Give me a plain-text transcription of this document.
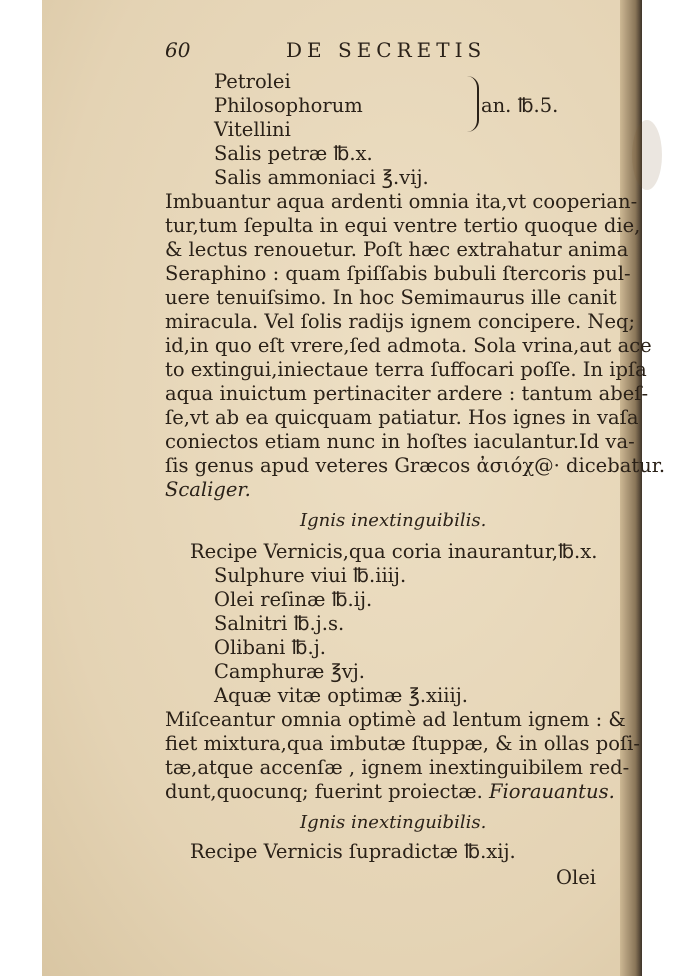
60	DE SECRETIS
Petrolei
Philosophorum
Vitellini
an. ℔.5.
Salis petræ ℔.x.
Salis ammoniaci ℥.vij.
Imbuantur aqua ardenti omnia ita,vt cooperian-
tur,tum ſepulta in equi ventre tertio quoque die,
& lectus renouetur. Poſt hæc extrahatur anima
Seraphino : quam ſpiſſabis bubuli ſtercoris pul-
uere tenuiſsimo. In hoc Semimaurus ille canit
miracula. Vel ſolis radijs ignem concipere. Neq;
id,in quo eſt vrere,ſed admota. Sola vrina,aut ace
to extingui,iniectaue terra ſuffocari poſſe. In ipſa
aqua inuictum pertinaciter ardere : tantum abeſ-
ſe,vt ab ea quicquam patiatur. Hos ignes in vaſa
coniectos etiam nunc in hoſtes iaculantur.Id va-
ſis genus apud veteres Græcos ἀσιόχ@· dicebatur.
Scaliger.
Ignis inextinguibilis.
Recipe Vernicis,qua coria inaurantur,℔.x.
Sulphure viui ℔.iiij.
Olei reſinæ ℔.ij.
Salnitri ℔.j.s.
Olibani ℔.j.
Camphuræ ℥vj.
Aquæ vitæ optimæ ℥.xiiij.
Miſceantur omnia optimè ad lentum ignem : &
fiet mixtura,qua imbutæ ſtuppæ, & in ollas poſi-
tæ,atque accenſæ , ignem inextinguibilem red-
dunt,quocunq; fuerint proiectæ. Fiorauantus.
Ignis inextinguibilis.
Recipe Vernicis ſupradictæ ℔.xij.
Olei
